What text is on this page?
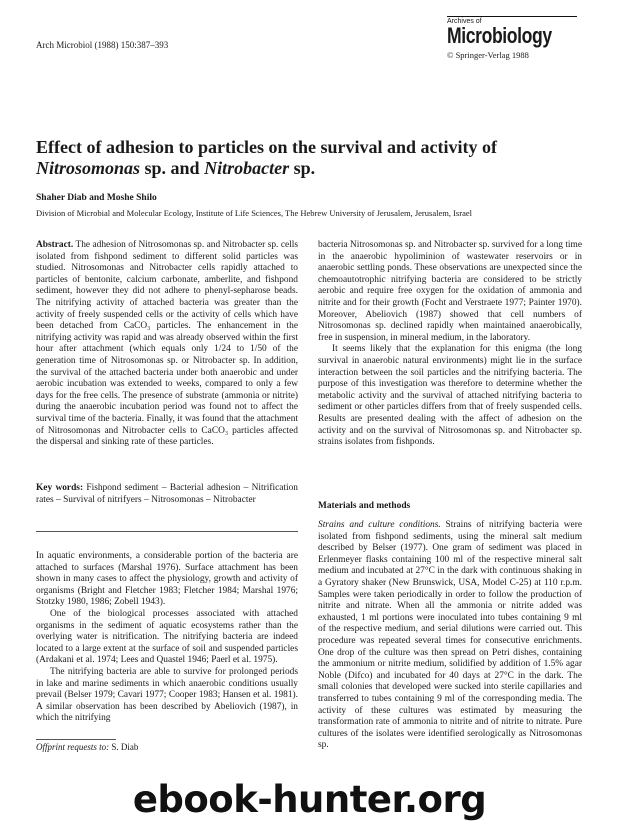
Arch Microbiol (1988) 150:387–393
Archives of
Microbiology
© Springer-Verlag 1988
Effect of adhesion to particles on the survival and activity of
Nitrosomonas sp. and Nitrobacter sp.
Shaher Diab and Moshe Shilo
Division of Microbial and Molecular Ecology, Institute of Life Sciences, The Hebrew University of Jerusalem, Jerusalem, Israel

Abstract. The adhesion of Nitrosomonas sp. and Nitrobacter sp. cells isolated from fishpond sediment to different solid particles was studied. Nitrosomonas and Nitrobacter cells rapidly attached to particles of bentonite, calcium carbonate, amberlite, and fishpond sediment, however they did not adhere to phenyl-sepharose beads. The nitrifying activity of attached bacteria was greater than the activity of freely suspended cells or the activity of cells which have been detached from CaCO₃ particles. The enhancement in the nitrifying activity was rapid and was already observed within the first hour after attachment (which equals only 1/24 to 1/50 of the generation time of Nitrosomonas sp. or Nitrobacter sp. In addition, the survival of the attached bacteria under both anaerobic and under aerobic incubation was extended to weeks, compared to only a few days for the free cells. The presence of substrate (ammonia or nitrite) during the anaerobic incubation period was found not to affect the survival time of the bacteria. Finally, it was found that the attachment of Nitrosomonas and Nitrobacter cells to CaCO₃ particles affected the dispersal and sinking rate of these particles.

Key words: Fishpond sediment – Bacterial adhesion – Nitrification rates – Survival of nitrifyers – Nitrosomonas – Nitrobacter

In aquatic environments, a considerable portion of the bacteria are attached to surfaces (Marshal 1976). Surface attachment has been shown in many cases to affect the physiology, growth and activity of organisms (Bright and Fletcher 1983; Fletcher 1984; Marshal 1976; Stotzky 1980, 1986; Zobell 1943).

One of the biological processes associated with attached organisms in the sediment of aquatic ecosystems rather than the overlying water is nitrification. The nitrifying bacteria are indeed located to a large extent at the surface of soil and suspended particles (Ardakani et al. 1974; Lees and Quastel 1946; Paerl et al. 1975).

The nitrifying bacteria are able to survive for prolonged periods in lake and marine sediments in which anaerobic conditions usually prevail (Belser 1979; Cavari 1977; Cooper 1983; Hansen et al. 1981). A similar observation has been described by Abeliovich (1987), in which the nitrifying

Offprint requests to: S. Diab

bacteria Nitrosomonas sp. and Nitrobacter sp. survived for a long time in the anaerobic hypoliminion of wastewater reservoirs or in anaerobic settling ponds. These observations are unexpected since the chemoautotrophic nitrifying bacteria are considered to be strictly aerobic and require free oxygen for the oxidation of ammonia and nitrite and for their growth (Focht and Verstraete 1977; Painter 1970). Moreover, Abeliovich (1987) showed that cell numbers of Nitrosomonas sp. declined rapidly when maintained anaerobically, free in suspension, in mineral medium, in the laboratory.

It seems likely that the explanation for this enigma (the long survival in anaerobic natural environments) might lie in the surface interaction between the soil particles and the nitrifying bacteria. The purpose of this investigation was therefore to determine whether the metabolic activity and the survival of attached nitrifying bacteria to sediment or other particles differs from that of freely suspended cells. Results are presented dealing with the affect of adhesion on the activity and on the survival of Nitrosomonas sp. and Nitrobacter sp. strains isolates from fishponds.

Materials and methods

Strains and culture conditions. Strains of nitrifying bacteria were isolated from fishpond sediments, using the mineral salt medium described by Belser (1977). One gram of sediment was placed in Erlenmeyer flasks containing 100 ml of the respective mineral salt medium and incubated at 27°C in the dark with continuous shaking in a Gyratory shaker (New Brunswick, USA, Model C-25) at 110 r.p.m. Samples were taken periodically in order to follow the production of nitrite and nitrate. When all the ammonia or nitrite added was exhausted, 1 ml portions were inoculated into tubes containing 9 ml of the respective medium, and serial dilutions were carried out. This procedure was repeated several times for consecutive enrichments. One drop of the culture was then spread on Petri dishes, containing the ammonium or nitrite medium, solidified by addition of 1.5% agar Noble (Difco) and incubated for 40 days at 27°C in the dark. The small colonies that developed were sucked into sterile capillaries and transferred to tubes containing 9 ml of the corresponding media. The activity of these cultures was estimated by measuring the transformation rate of ammonia to nitrite and of nitrite to nitrate. Pure cultures of the isolates were identified serologically as Nitrosomonas sp.

ebook-hunter.org
